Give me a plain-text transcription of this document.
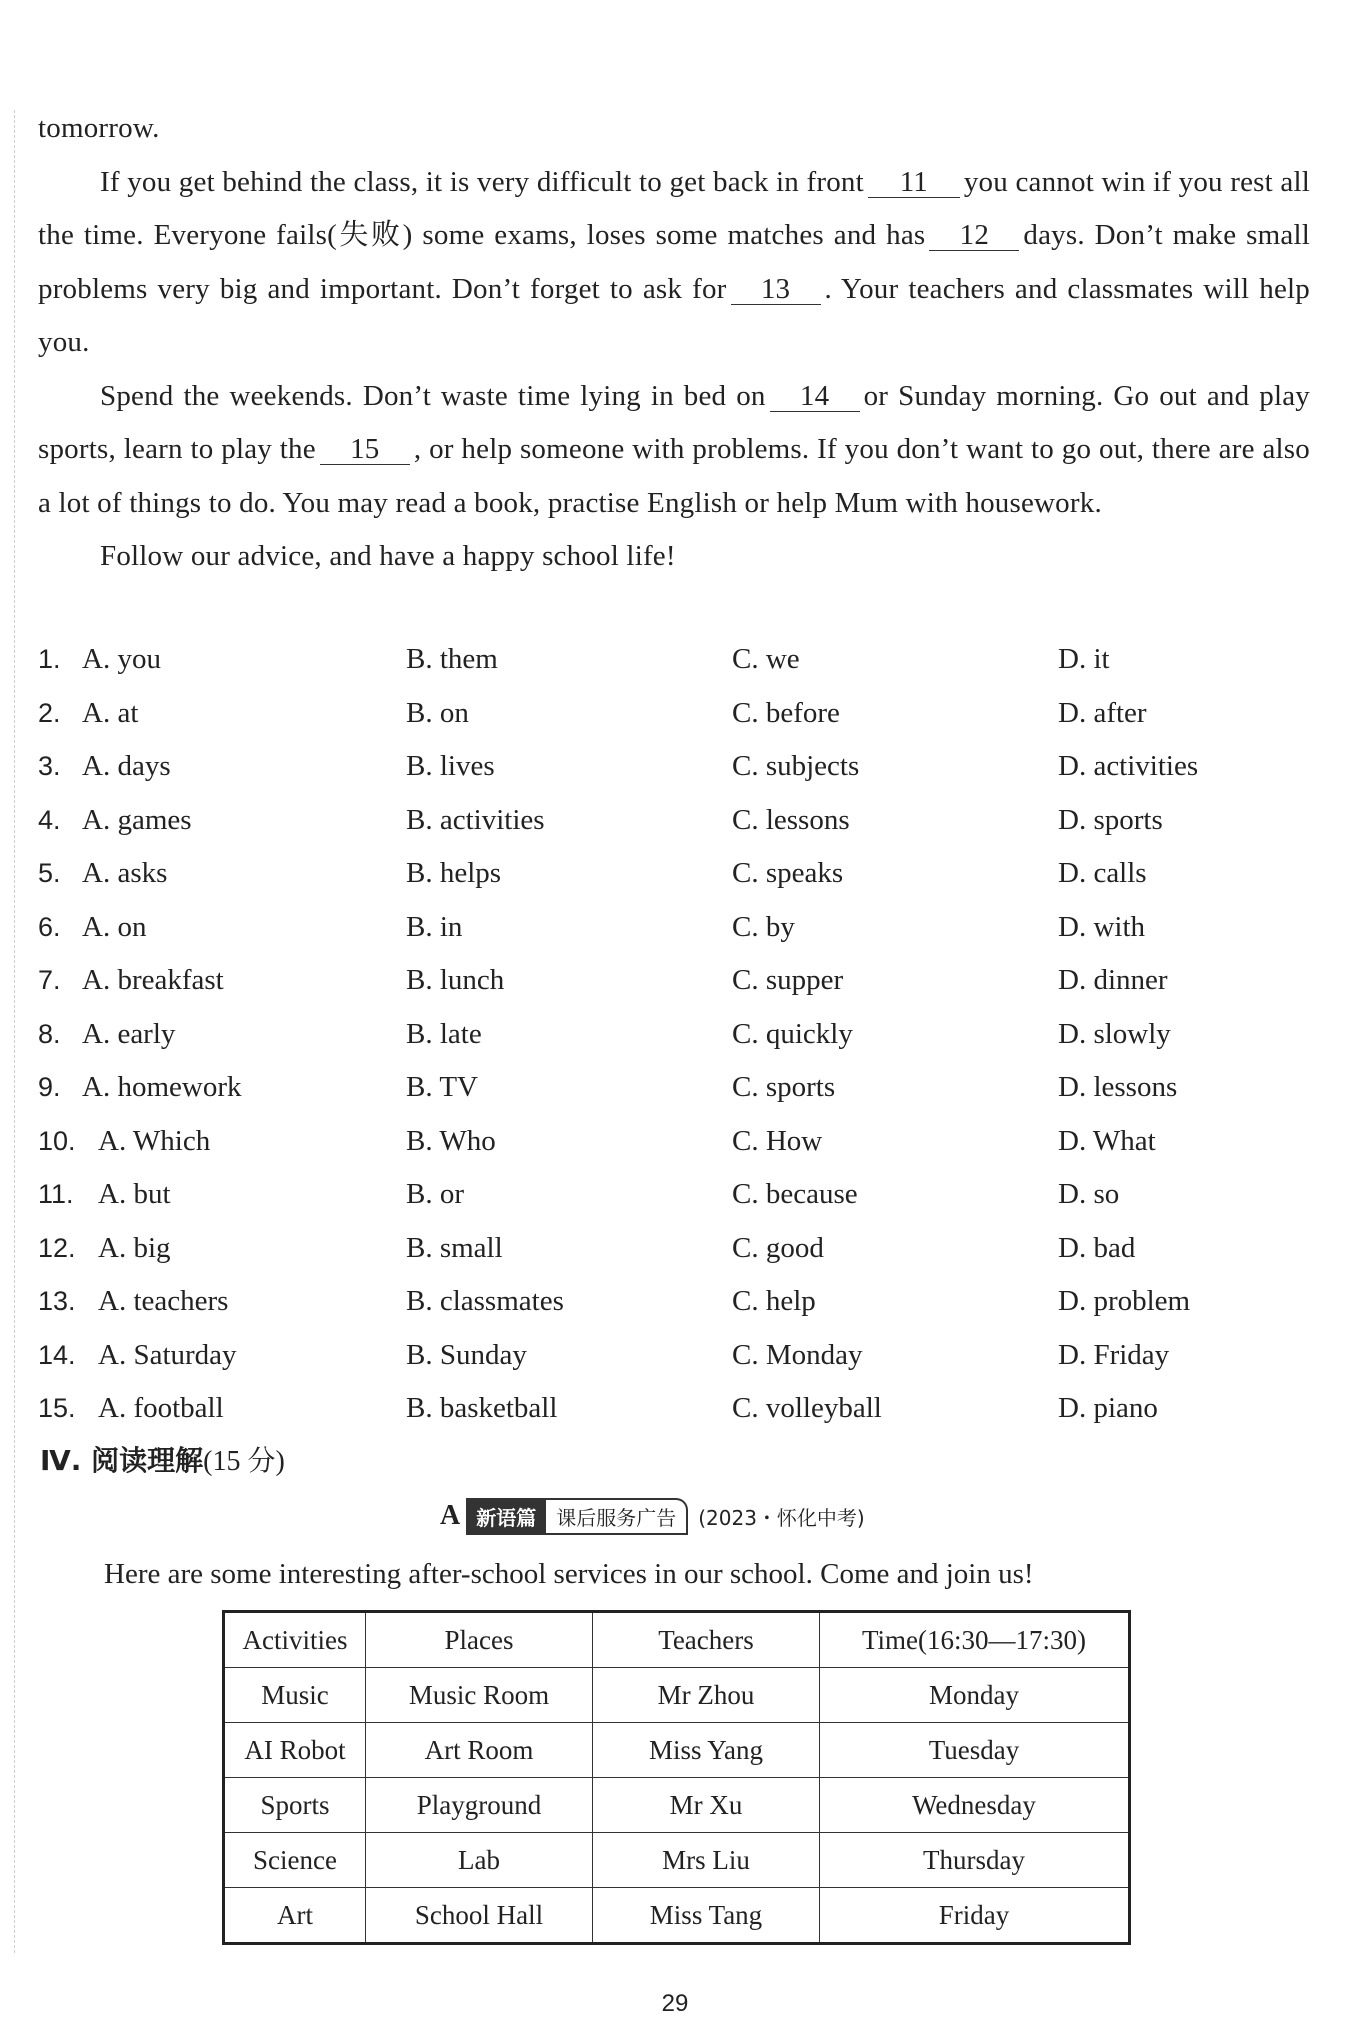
tomorrow.

If you get behind the class, it is very difficult to get back in front 11 you cannot win if you rest all the time. Everyone fails(失败) some exams, loses some matches and has 12 days. Don’t make small problems very big and important. Don’t forget to ask for 13 . Your teachers and classmates will help you.

Spend the weekends. Don’t waste time lying in bed on 14 or Sunday morning. Go out and play sports, learn to play the 15 , or help someone with problems. If you don’t want to go out, there are also a lot of things to do. You may read a book, practise English or help Mum with housework.

Follow our advice, and have a happy school life!

1. A. you	B. them	C. we	D. it
2. A. at	B. on	C. before	D. after
3. A. days	B. lives	C. subjects	D. activities
4. A. games	B. activities	C. lessons	D. sports
5. A. asks	B. helps	C. speaks	D. calls
6. A. on	B. in	C. by	D. with
7. A. breakfast	B. lunch	C. supper	D. dinner
8. A. early	B. late	C. quickly	D. slowly
9. A. homework	B. TV	C. sports	D. lessons
10. A. Which	B. Who	C. How	D. What
11. A. but	B. or	C. because	D. so
12. A. big	B. small	C. good	D. bad
13. A. teachers	B. classmates	C. help	D. problem
14. A. Saturday	B. Sunday	C. Monday	D. Friday
15. A. football	B. basketball	C. volleyball	D. piano
Ⅳ. 阅读理解(15 分)
A 新语篇	课后服务广告	(2023・怀化中考)
Here are some interesting after-school services in our school. Come and join us!
Activities	Places	Teachers	Time(16:30—17:30)
Music	Music Room	Mr Zhou	Monday
AI Robot	Art Room	Miss Yang	Tuesday
Sports	Playground	Mr Xu	Wednesday
Science	Lab	Mrs Liu	Thursday
Art	School Hall	Miss Tang	Friday
29
